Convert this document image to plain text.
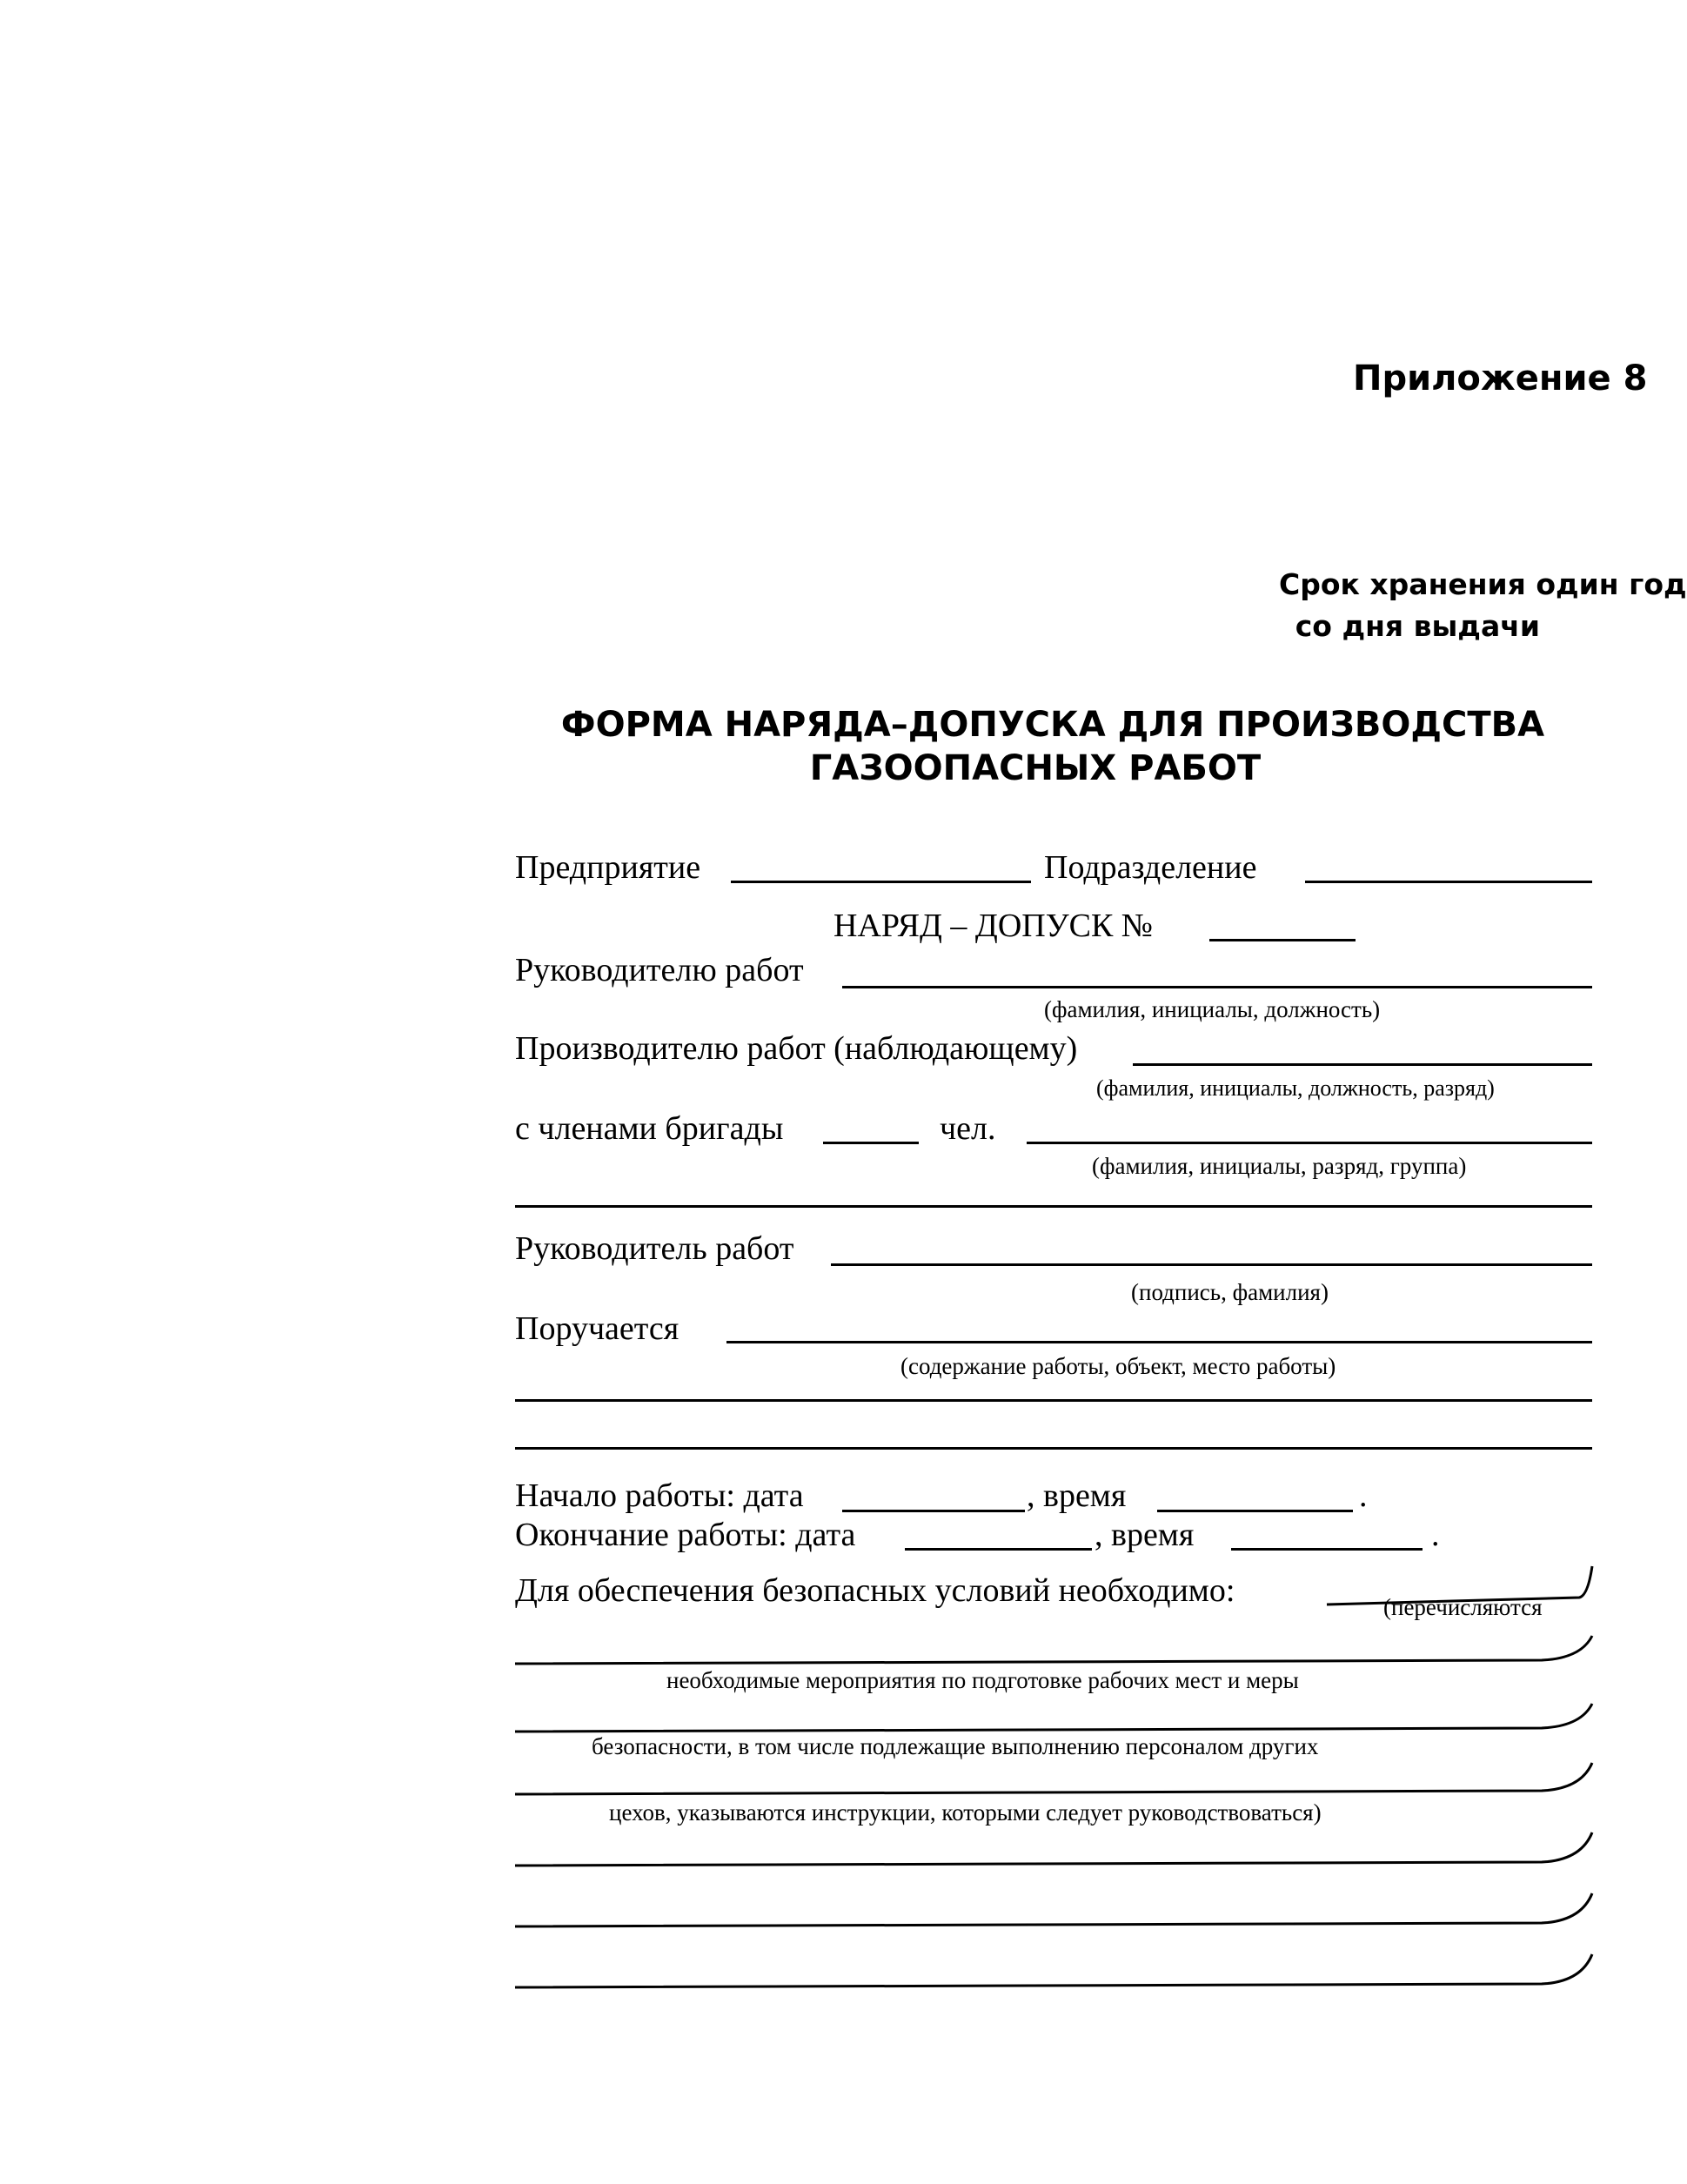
Приложение 8
Срок хранения один год
со дня выдачи
ФОРМА НАРЯДА–ДОПУСКА ДЛЯ ПРОИЗВОДСТВА
ГАЗООПАСНЫХ РАБОТ
Предприятие	Подразделение
НАРЯД – ДОПУСК №
Руководителю работ
(фамилия, инициалы, должность)
Производителю работ (наблюдающему)
(фамилия, инициалы, должность, разряд)
с членами бригады	чел.
(фамилия, инициалы, разряд, группа)
Руководитель работ
(подпись, фамилия)
Поручается
(содержание работы, объект, место работы)
Начало работы: дата	, время	.
Окончание работы: дата	, время	.
Для обеспечения безопасных условий необходимо:	(перечисляются
необходимые мероприятия по подготовке рабочих мест и меры
безопасности, в том числе подлежащие выполнению персоналом других
цехов, указываются инструкции, которыми следует руководствоваться)
